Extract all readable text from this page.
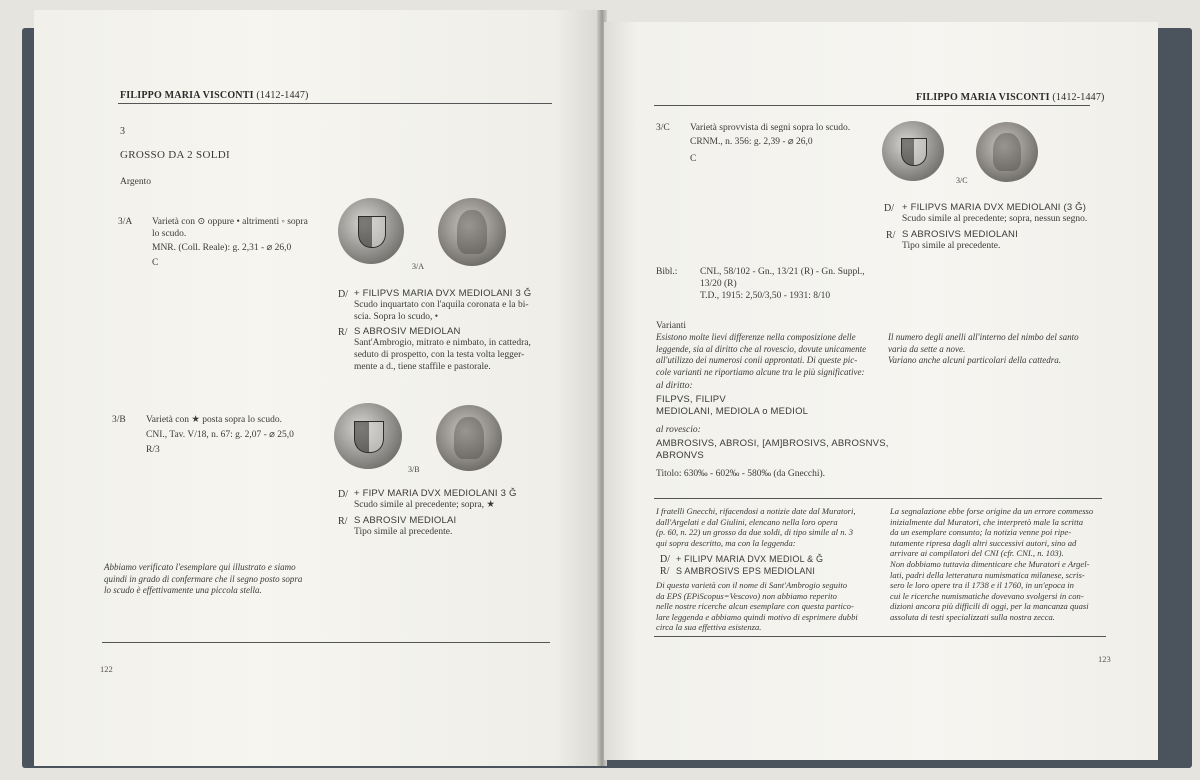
FILIPPO MARIA VISCONTI (1412-1447)
3
GROSSO DA 2 SOLDI
Argento
3/A Varietà con ⊙ oppure • altrimenti ◦ sopra
lo scudo.
MNR. (Coll. Reale): g. 2,31 - ⌀ 26,0
C	3/A
D/ + FILIPVS MARIA DVX MEDIOLANI 3 Ǧ
Scudo inquartato con l'aquila coronata e la bi-
scia. Sopra lo scudo, •
R/ S ABROSIV MEDIOLAN
Sant'Ambrogio, mitrato e nimbato, in cattedra,
seduto di prospetto, con la testa volta legger-
mente a d., tiene staffile e pastorale.
3/B Varietà con ★ posta sopra lo scudo.
CNI., Tav. V/18, n. 67: g. 2,07 - ⌀ 25,0
R/3
3/B
D/ + FIPV MARIA DVX MEDIOLANI 3 Ǧ
Scudo simile al precedente; sopra, ★
R/ S ABROSIV MEDIOLAI
Tipo simile al precedente.
Abbiamo verificato l'esemplare qui illustrato e siamo
quindi in grado di confermare che il segno posto sopra
lo scudo è effettivamente una piccola stella.
122
FILIPPO MARIA VISCONTI (1412-1447)
3/C Varietà sprovvista di segni sopra lo scudo.
CRNM., n. 356: g. 2,39 - ⌀ 26,0
C
3/C
D/ + FILIPVS MARIA DVX MEDIOLANI (3 Ǧ)
Scudo simile al precedente; sopra, nessun segno.
R/ S ABROSIVS MEDIOLANI
Tipo simile al precedente.
Bibl.: CNL, 58/102 - Gn., 13/21 (R) - Gn. Suppl.,
13/20 (R)
T.D., 1915: 2,50/3,50 - 1931: 8/10
Varianti
Esistono molte lievi differenze nella composizione delle
leggende, sia al diritto che al rovescio, dovute unicamente
all'utilizzo dei numerosi conii approntati. Di queste pic-
cole varianti ne riportiamo alcune tra le più significative:
Il numero degli anelli all'interno del nimbo del santo
varia da sette a nove.
Variano anche alcuni particolari della cattedra.
al diritto:
FILPVS, FILIPV
MEDIOLANI, MEDIOLA o MEDIOL
al rovescio:
AMBROSIVS, ABROSI, [AM]BROSIVS, ABROSNVS,
ABRONVS
Titolo: 630‰ - 602‰ - 580‰ (da Gnecchi).
I fratelli Gnecchi, rifacendosi a notizie date dal Muratori,
dall'Argelati e dal Giulini, elencano nella loro opera
(p. 60, n. 22) un grosso da due soldi, di tipo simile al n. 3
qui sopra descritto, ma con la leggenda:
D/ + FILIPV MARIA DVX MEDIOL & Ǧ
R/ S AMBROSIVS EPS MEDIOLANI
Di questa varietà con il nome di Sant'Ambrogio seguito
da EPS (EPiScopus=Vescovo) non abbiamo reperito
nelle nostre ricerche alcun esemplare con questa partico-
lare leggenda e abbiamo quindi motivo di esprimere dubbi
circa la sua effettiva esistenza.
La segnalazione ebbe forse origine da un errore commesso
inizialmente dal Muratori, che interpretò male la scritta
da un esemplare consunto; la notizia venne poi ripe-
tutamente ripresa dagli altri successivi autori, sino ad
arrivare ai compilatori del CNI (cfr. CNI., n. 103).
Non dobbiamo tuttavia dimenticare che Muratori e Argel-
lati, padri della letteratura numismatica milanese, scris-
sero le loro opere tra il 1738 e il 1760, in un'epoca in
cui le ricerche numismatiche dovevano svolgersi in con-
dizioni ancora più difficili di oggi, per la mancanza quasi
assoluta di testi specializzati sulla nostra zecca.
123
